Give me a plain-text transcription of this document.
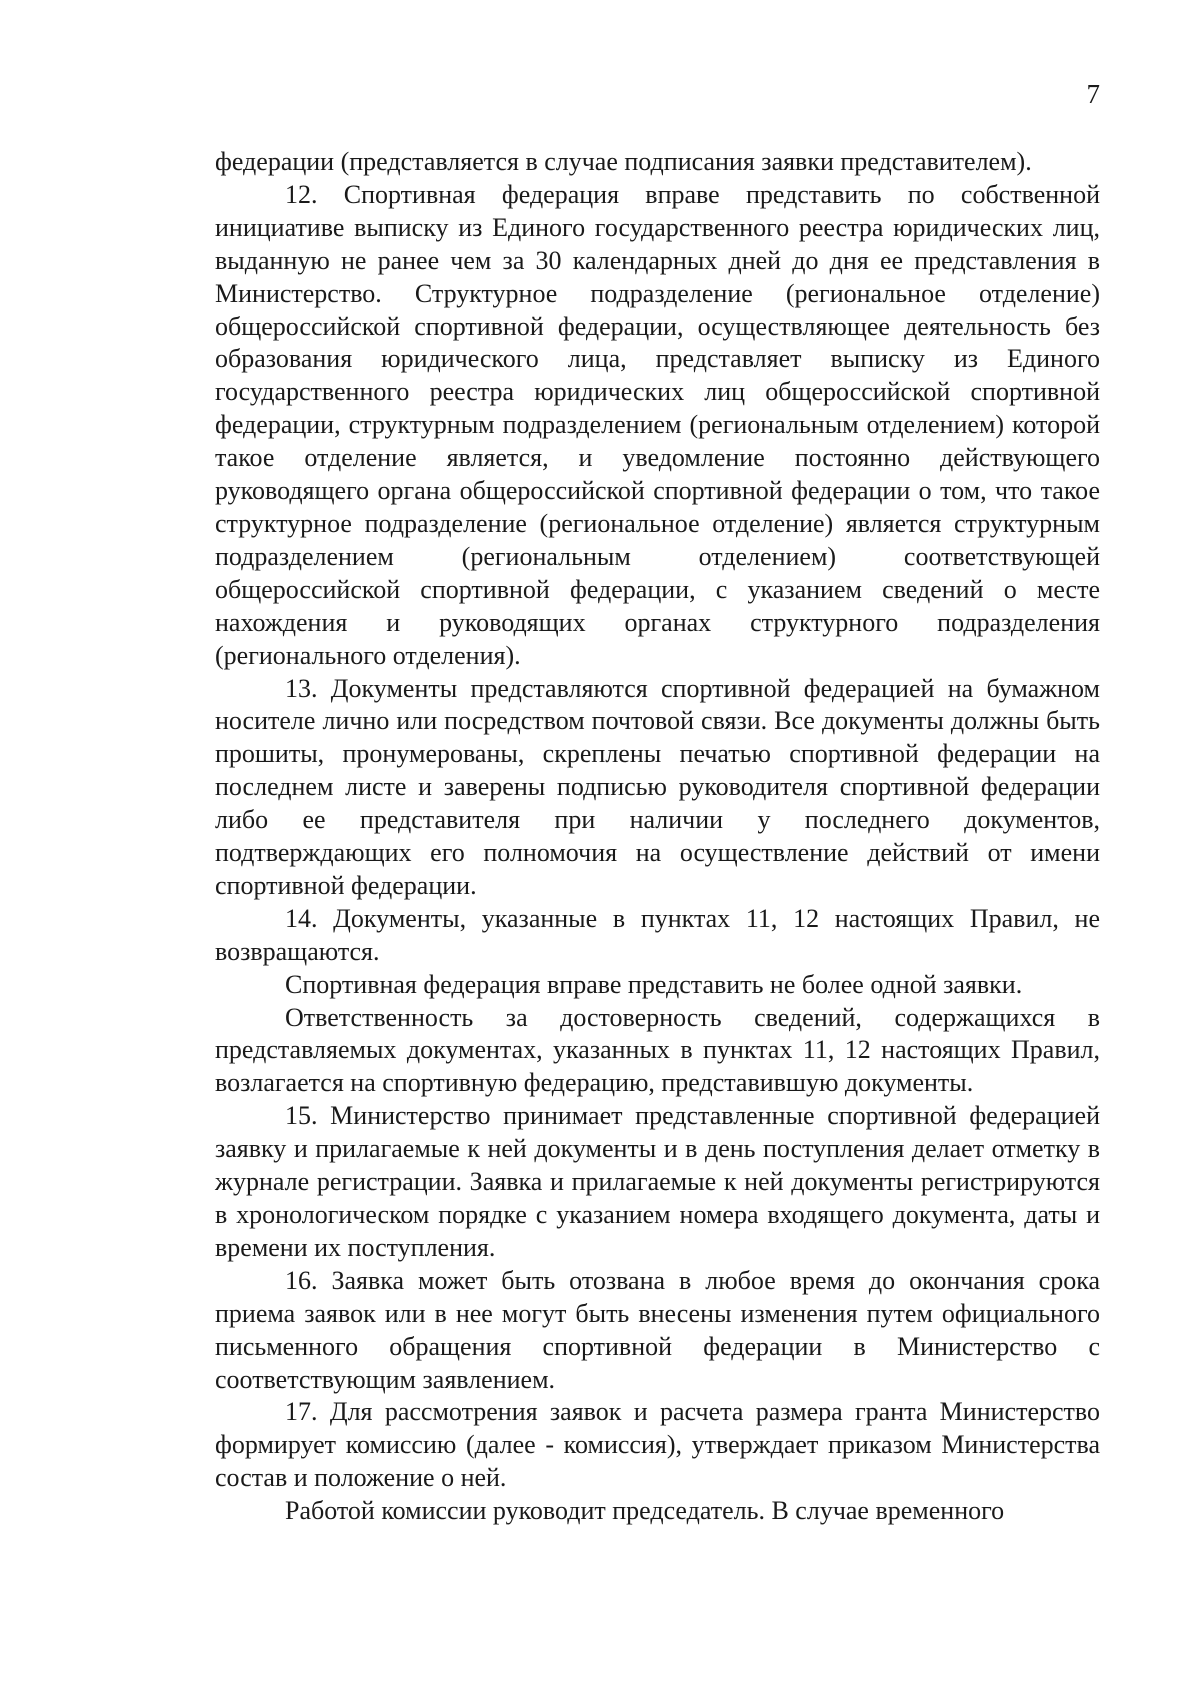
7

федерации (представляется в случае подписания заявки представителем).

12. Спортивная федерация вправе представить по собственной инициативе выписку из Единого государственного реестра юридических лиц, выданную не ранее чем за 30 календарных дней до дня ее представления в Министерство. Структурное подразделение (региональное отделение) общероссийской спортивной федерации, осуществляющее деятельность без образования юридического лица, представляет выписку из Единого государственного реестра юридических лиц общероссийской спортивной федерации, структурным подразделением (региональным отделением) которой такое отделение является, и уведомление постоянно действующего руководящего органа общероссийской спортивной федерации о том, что такое структурное подразделение (региональное отделение) является структурным подразделением (региональным отделением) соответствующей общероссийской спортивной федерации, с указанием сведений о месте нахождения и руководящих органах структурного подразделения (регионального отделения).

13. Документы представляются спортивной федерацией на бумажном носителе лично или посредством почтовой связи. Все документы должны быть прошиты, пронумерованы, скреплены печатью спортивной федерации на последнем листе и заверены подписью руководителя спортивной федерации либо ее представителя при наличии у последнего документов, подтверждающих его полномочия на осуществление действий от имени спортивной федерации.

14. Документы, указанные в пунктах 11, 12 настоящих Правил, не возвращаются.

Спортивная федерация вправе представить не более одной заявки.

Ответственность за достоверность сведений, содержащихся в представляемых документах, указанных в пунктах 11, 12 настоящих Правил, возлагается на спортивную федерацию, представившую документы.

15. Министерство принимает представленные спортивной федерацией заявку и прилагаемые к ней документы и в день поступления делает отметку в журнале регистрации. Заявка и прилагаемые к ней документы регистрируются в хронологическом порядке с указанием номера входящего документа, даты и времени их поступления.

16. Заявка может быть отозвана в любое время до окончания срока приема заявок или в нее могут быть внесены изменения путем официального письменного обращения спортивной федерации в Министерство с соответствующим заявлением.

17. Для рассмотрения заявок и расчета размера гранта Министерство формирует комиссию (далее - комиссия), утверждает приказом Министерства состав и положение о ней.

Работой комиссии руководит председатель. В случае временного
